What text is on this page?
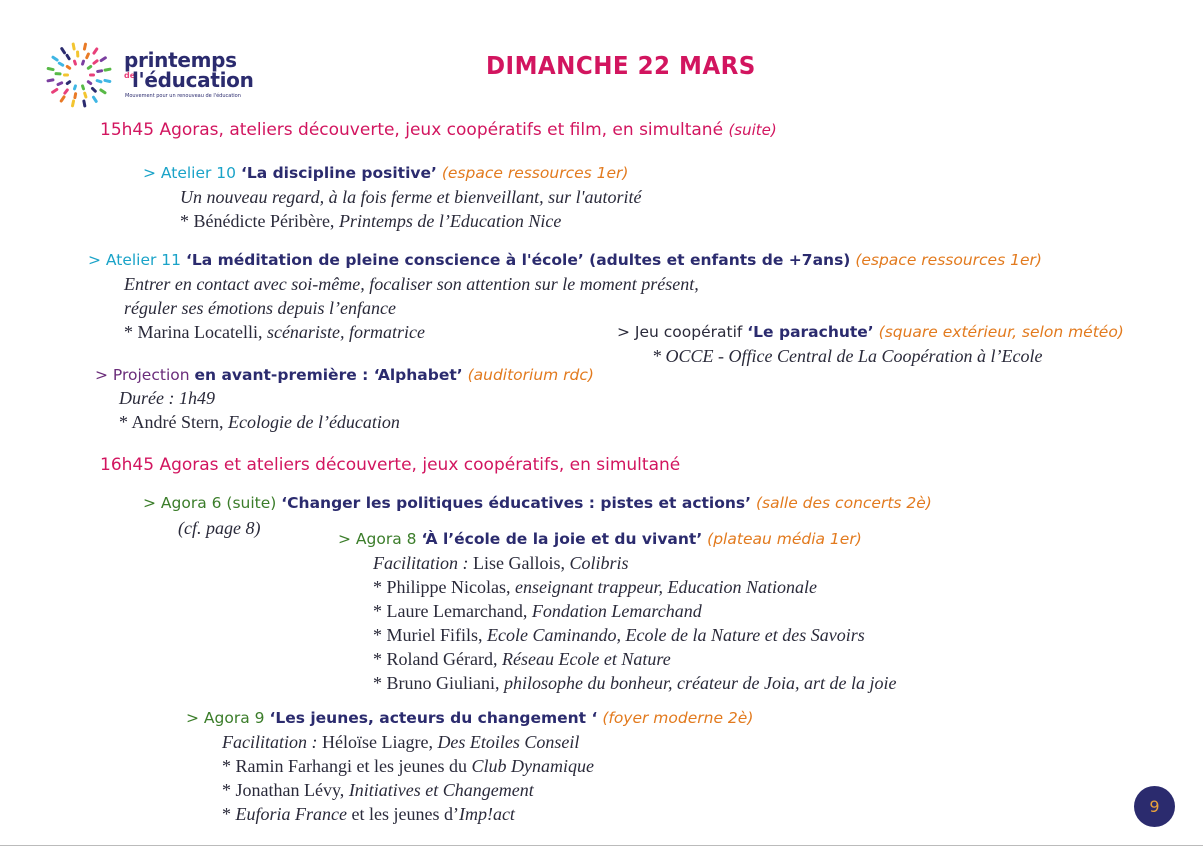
printemps
de
l'éducation
Mouvement pour un renouveau de l'éducation
DIMANCHE 22 MARS
15h45 Agoras, ateliers découverte, jeux coopératifs et film, en simultané (suite)
> Atelier 10 ‘La discipline positive’ (espace ressources 1er)
Un nouveau regard, à la fois ferme et bienveillant, sur l'autorité
* Bénédicte Péribère, Printemps de l’Education Nice
> Atelier 11 ‘La méditation de pleine conscience à l'école’ (adultes et enfants de +7ans) (espace ressources 1er)
Entrer en contact avec soi-même, focaliser son attention sur le moment présent,
réguler ses émotions depuis l’enfance
* Marina Locatelli, scénariste, formatrice	> Jeu coopératif ‘Le parachute’ (square extérieur, selon météo)
* OCCE - Office Central de La Coopération à l’Ecole
> Projection en avant-première : ‘Alphabet’ (auditorium rdc)
Durée : 1h49
* André Stern, Ecologie de l’éducation
16h45 Agoras et ateliers découverte, jeux coopératifs, en simultané
> Agora 6 (suite) ‘Changer les politiques éducatives : pistes et actions’ (salle des concerts 2è)
(cf. page 8)
> Agora 8 ‘À l’école de la joie et du vivant’ (plateau média 1er)
Facilitation : Lise Gallois, Colibris
* Philippe Nicolas, enseignant trappeur, Education Nationale
* Laure Lemarchand, Fondation Lemarchand
* Muriel Fifils, Ecole Caminando, Ecole de la Nature et des Savoirs
* Roland Gérard, Réseau Ecole et Nature
* Bruno Giuliani, philosophe du bonheur, créateur de Joia, art de la joie
> Agora 9 ‘Les jeunes, acteurs du changement ‘ (foyer moderne 2è)
Facilitation : Héloïse Liagre, Des Etoiles Conseil
* Ramin Farhangi et les jeunes du Club Dynamique
* Jonathan Lévy, Initiatives et Changement
* Euforia France et les jeunes d’Imp!act	9
